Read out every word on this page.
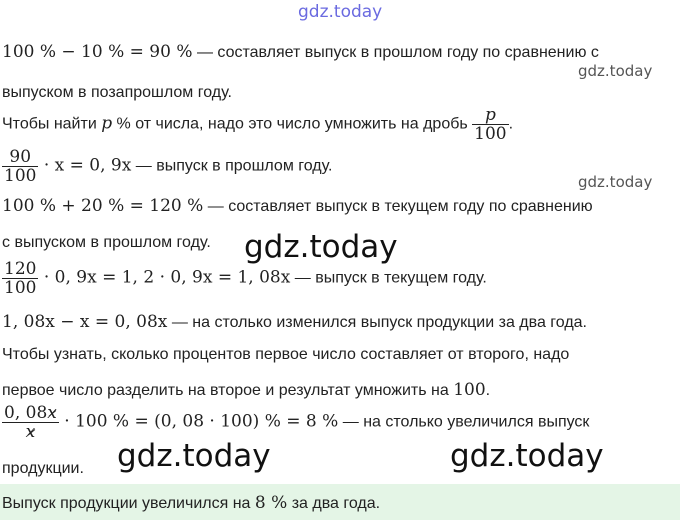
gdz.today
gdz.today
gdz.today
gdz.today
gdz.today	gdz.today
100 % − 10 % = 90 % — составляет выпуск в прошлом году по сравнению с
выпуском в позапрошлом году.
Чтобы найти p % от числа, надо это число умножить на дробь $\frac{p}{100}$ .
$\frac{90}{100} \cdot x = 0$, 9x — выпуск в прошлом году.
100 % + 20 % = 120 % — составляет выпуск в текущем году по сравнению
с выпуском в прошлом году.
$\frac{120}{100} \cdot 0$, 9x = 1, 2 · 0, 9x = 1, 08x — выпуск в текущем году.
1, 08x − x = 0, 08x — на столько изменился выпуск продукции за два года.
Чтобы узнать, сколько процентов первое число составляет от второго, надо
первое число разделить на второе и результат умножить на 100.
$\frac{0, 08x}{x} \cdot 100$ % = (0, 08 · 100) % = 8 % — на столько увеличился выпуск
продукции.
Выпуск продукции увеличился на 8 % за два года.
